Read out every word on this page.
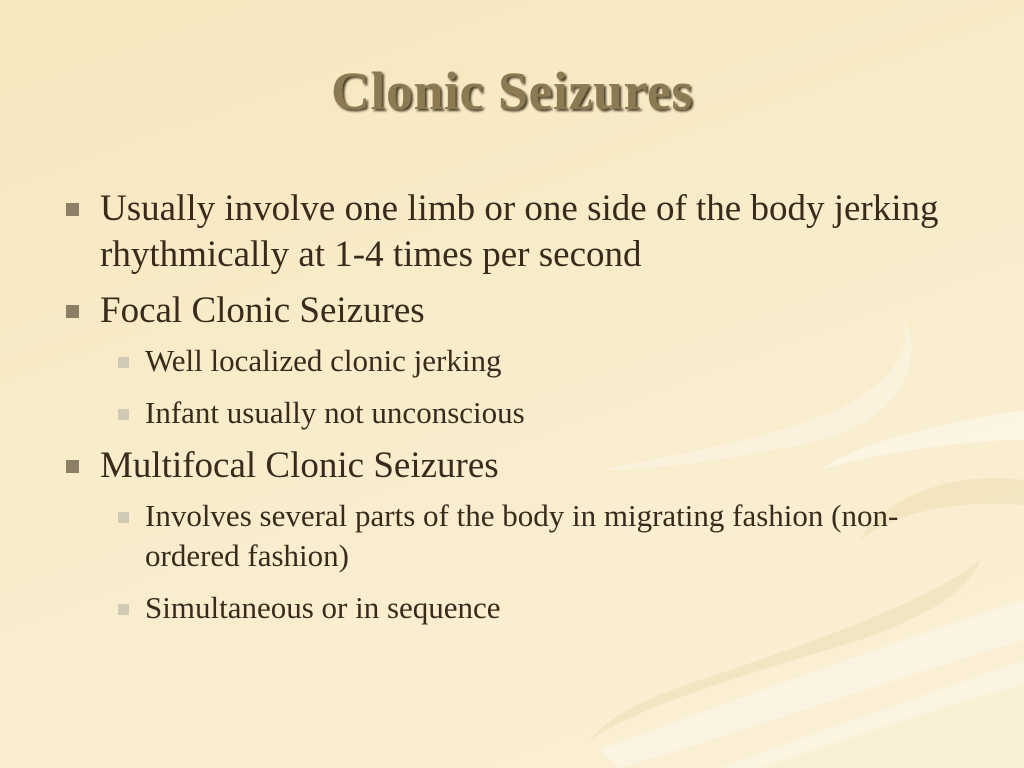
Clonic Seizures
Usually involve one limb or one side of the body jerking rhythmically at 1-4 times per second
Focal Clonic Seizures
Well localized clonic jerking
Infant usually not unconscious
Multifocal Clonic Seizures
Involves several parts of the body in migrating fashion (non-ordered fashion)
Simultaneous or in sequence
